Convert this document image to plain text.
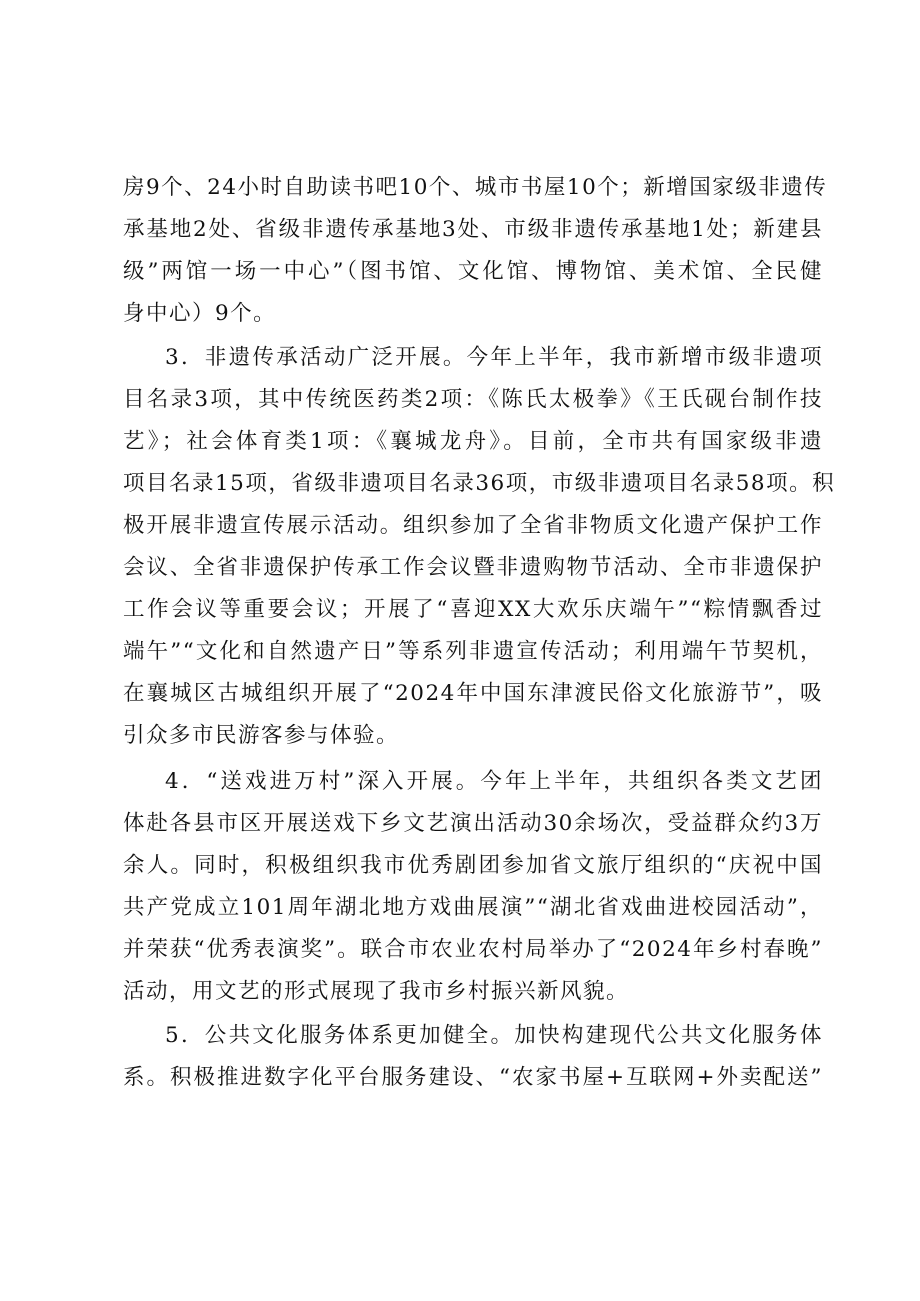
房9个、24小时自助读书吧10个、城市书屋10个；新增国家级非遗传
承基地2处、省级非遗传承基地3处、市级非遗传承基地1处；新建县
级”两馆一场一中心”（图书馆、文化馆、博物馆、美术馆、全民健
身中心）9个。
3．非遗传承活动广泛开展。今年上半年，我市新增市级非遗项
目名录3项，其中传统医药类2项：《陈氏太极拳》《王氏砚台制作技
艺》；社会体育类1项：《襄城龙舟》。目前，全市共有国家级非遗
项目名录15项，省级非遗项目名录36项，市级非遗项目名录58项。积
极开展非遗宣传展示活动。组织参加了全省非物质文化遗产保护工作
会议、全省非遗保护传承工作会议暨非遗购物节活动、全市非遗保护
工作会议等重要会议；开展了“喜迎XX大欢乐庆端午”“粽情飘香过
端午”“文化和自然遗产日”等系列非遗宣传活动；利用端午节契机，
在襄城区古城组织开展了“2024年中国东津渡民俗文化旅游节”，吸
引众多市民游客参与体验。
4．“送戏进万村”深入开展。今年上半年，共组织各类文艺团
体赴各县市区开展送戏下乡文艺演出活动30余场次，受益群众约3万
余人。同时，积极组织我市优秀剧团参加省文旅厅组织的“庆祝中国
共产党成立101周年湖北地方戏曲展演”“湖北省戏曲进校园活动”，
并荣获“优秀表演奖”。联合市农业农村局举办了“2024年乡村春晚”
活动，用文艺的形式展现了我市乡村振兴新风貌。
5．公共文化服务体系更加健全。加快构建现代公共文化服务体
系。积极推进数字化平台服务建设、“农家书屋+互联网+外卖配送”
